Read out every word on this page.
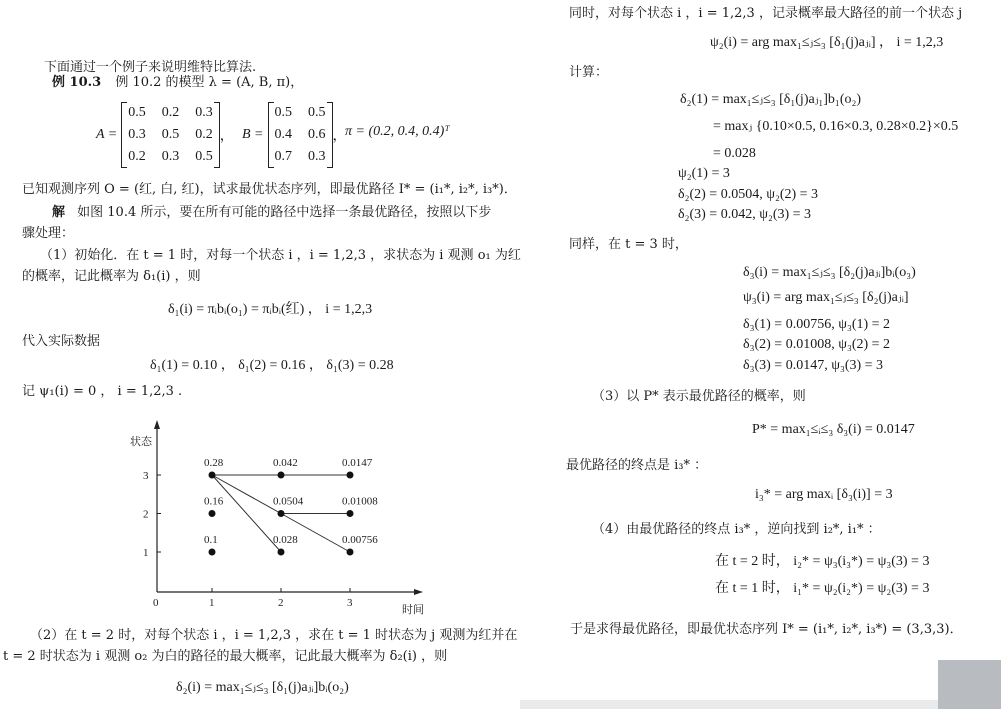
下面通过一个例子来说明维特比算法.
例 10.3 例 10.2 的模型 λ = (A, B, π)，
A =
0.5 0.2 0.3
0.3 0.5 0.2
0.2 0.3 0.5
， B =
0.5 0.5
0.4 0.6
0.7 0.3
，
π = (0.2, 0.4, 0.4)ᵀ
已知观测序列 O = (红, 白, 红)，试求最优状态序列，即最优路径 I* = (i₁*, i₂*, i₃*)．
解 如图 10.4 所示，要在所有可能的路径中选择一条最优路径，按照以下步
骤处理：
（1）初始化．在 t = 1 时，对每一个状态 i ，i = 1,2,3 ，求状态为 i 观测 o₁ 为红
的概率，记此概率为 δ₁(i) ，则
δ₁(i) = πᵢbᵢ(o₁) = πᵢbᵢ(红) ， i = 1,2,3
代入实际数据
δ₁(1) = 0.10 ， δ₁(2) = 0.16 ， δ₁(3) = 0.28
记 ψ₁(i) = 0 ， i = 1,2,3 .
状态
时间
0	1	2	3
1
2
3
0.28
0.16
0.1
0.042
0.0504
0.028
0.0147
0.01008
0.00756
（2）在 t = 2 时，对每个状态 i ，i = 1,2,3 ，求在 t = 1 时状态为 j 观测为红并在
t = 2 时状态为 i 观测 o₂ 为白的路径的最大概率，记此最大概率为 δ₂(i) ，则
δ₂(i) = max₁≤ⱼ≤₃ [δ₁(j)aⱼᵢ]bᵢ(o₂)
同时，对每个状态 i ，i = 1,2,3 ，记录概率最大路径的前一个状态 j
ψ₂(i) = arg max₁≤ⱼ≤₃ [δ₁(j)aⱼᵢ] ， i = 1,2,3
计算：
δ₂(1) = max₁≤ⱼ≤₃ [δ₁(j)aⱼ₁]b₁(o₂)
= maxⱼ {0.10×0.5, 0.16×0.3, 0.28×0.2}×0.5
= 0.028
ψ₂(1) = 3
δ₂(2) = 0.0504, ψ₂(2) = 3
δ₂(3) = 0.042, ψ₂(3) = 3
同样，在 t = 3 时，
δ₃(i) = max₁≤ⱼ≤₃ [δ₂(j)aⱼᵢ]bᵢ(o₃)
ψ₃(i) = arg max₁≤ⱼ≤₃ [δ₂(j)aⱼᵢ]
δ₃(1) = 0.00756, ψ₃(1) = 2
δ₃(2) = 0.01008, ψ₃(2) = 2
δ₃(3) = 0.0147, ψ₃(3) = 3
（3）以 P* 表示最优路径的概率，则
P* = max₁≤ᵢ≤₃ δ₃(i) = 0.0147
最优路径的终点是 i₃* ：
i₃* = arg maxᵢ [δ₃(i)] = 3
（4）由最优路径的终点 i₃* ，逆向找到 i₂*, i₁* ：
在 t = 2 时， i₂* = ψ₃(i₃*) = ψ₃(3) = 3
在 t = 1 时， i₁* = ψ₂(i₂*) = ψ₂(3) = 3
于是求得最优路径，即最优状态序列 I* = (i₁*, i₂*, i₃*) = (3,3,3)．
